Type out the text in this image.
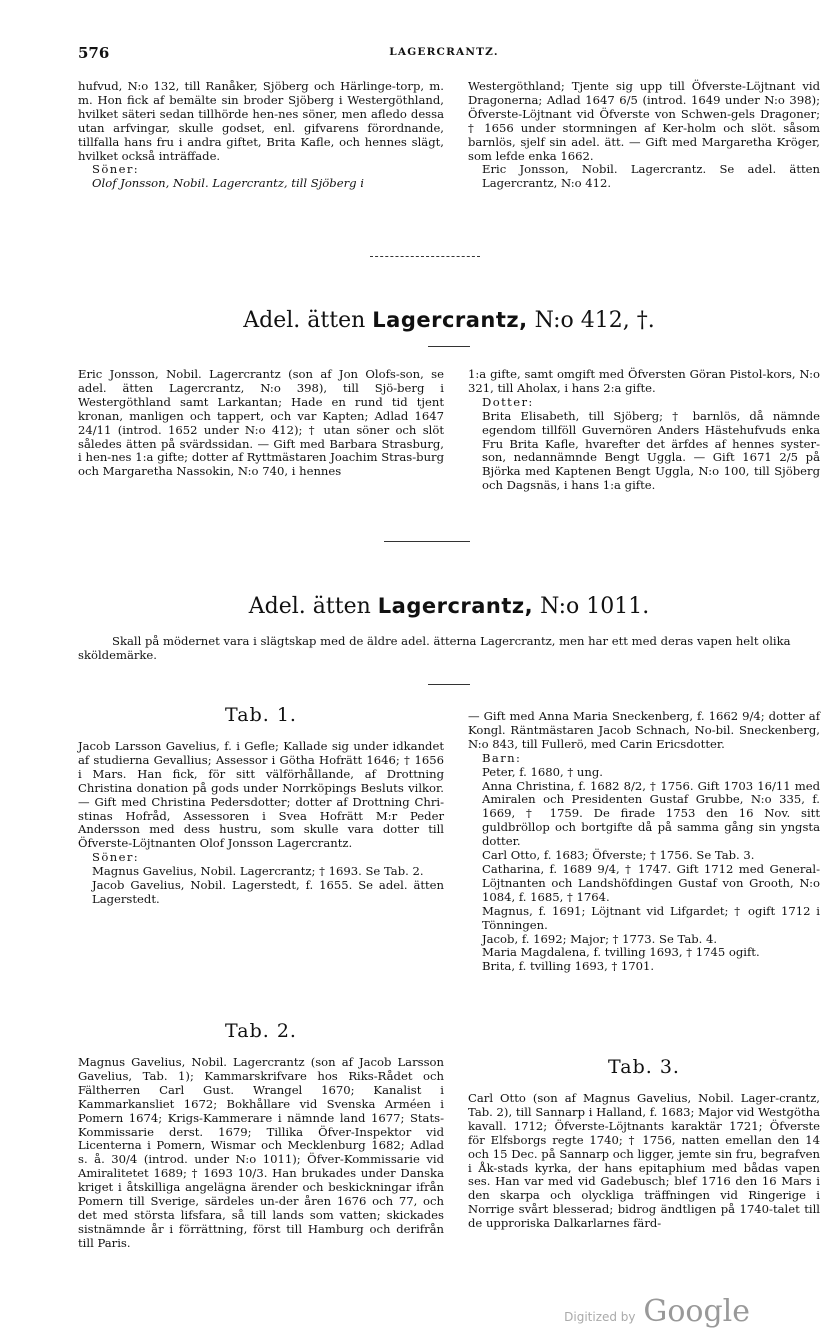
576	LAGERCRANTZ.

hufvud, N:o 132, till Ranåker, Sjöberg och Härlinge-torp, m. m. Hon fick af bemälte sin broder Sjöberg i Westergöthland, hvilket säteri sedan tillhörde hen-nes söner, men afledo dessa utan arfvingar, skulle godset, enl. gifvarens förordnande, tillfalla hans fru i andra giftet, Brita Kafle, och hennes slägt, hvilket också inträffade.

Söner:

Olof Jonsson, Nobil. Lagercrantz, till Sjöberg i

Westergöthland; Tjente sig upp till Öfverste-Löjtnant vid Dragonerna; Adlad 1647 6/5 (introd. 1649 under N:o 398); Öfverste-Löjtnant vid Öfverste von Schwen-gels Dragoner; † 1656 under stormningen af Ker-holm och slöt. såsom barnlös, sjelf sin adel. ätt. — Gift med Margaretha Kröger, som lefde enka 1662.

Eric Jonsson, Nobil. Lagercrantz. Se adel. ätten Lagercrantz, N:o 412.

Adel. ätten Lagercrantz, N:o 412, †.

Eric Jonsson, Nobil. Lagercrantz (son af Jon Olofs-son, se adel. ätten Lagercrantz, N:o 398), till Sjö-berg i Westergöthland samt Larkantan; Hade en rund tid tjent kronan, manligen och tappert, och var Kapten; Adlad 1647 24/11 (introd. 1652 under N:o 412); † utan söner och slöt således ätten på svärdssidan. — Gift med Barbara Strasburg, i hen-nes 1:a gifte; dotter af Ryttmästaren Joachim Stras-burg och Margaretha Nassokin, N:o 740, i hennes

1:a gifte, samt omgift med Öfversten Göran Pistol-kors, N:o 321, till Aholax, i hans 2:a gifte.

Dotter:

Brita Elisabeth, till Sjöberg; † barnlös, då nämnde egendom tillföll Guvernören Anders Hästehufvuds enka Fru Brita Kafle, hvarefter det ärfdes af hennes syster-son, nedannämnde Bengt Uggla. — Gift 1671 2/5 på Björka med Kaptenen Bengt Uggla, N:o 100, till Sjöberg och Dagsnäs, i hans 1:a gifte.

Adel. ätten Lagercrantz, N:o 1011.

Skall på mödernet vara i slägtskap med de äldre adel. ätterna Lagercrantz, men har ett med deras vapen helt olika sköldemärke.

Tab. 1.

Jacob Larsson Gavelius, f. i Gefle; Kallade sig under idkandet af studierna Gevallius; Assessor i Götha Hofrätt 1646; † 1656 i Mars. Han fick, för sitt välförhållande, af Drottning Christina donation på gods under Norrköpings Besluts vilkor. — Gift med Christina Pedersdotter; dotter af Drottning Chri-stinas Hofråd, Assessoren i Svea Hofrätt M:r Peder Andersson med dess hustru, som skulle vara dotter till Öfverste-Löjtnanten Olof Jonsson Lagercrantz.

Söner:

Magnus Gavelius, Nobil. Lagercrantz; † 1693. Se Tab. 2.

Jacob Gavelius, Nobil. Lagerstedt, f. 1655. Se adel. ätten Lagerstedt.

Tab. 2.

Magnus Gavelius, Nobil. Lagercrantz (son af Jacob Larsson Gavelius, Tab. 1); Kammarskrifvare hos Riks-Rådet och Fältherren Carl Gust. Wrangel 1670; Kanalist i Kammarkansliet 1672; Bokhållare vid Svenska Arméen i Pomern 1674; Krigs-Kammerare i nämnde land 1677; Stats-Kommissarie derst. 1679; Tillika Öfver-Inspektor vid Licenterna i Pomern, Wismar och Mecklenburg 1682; Adlad s. å. 30/4 (introd. under N:o 1011); Öfver-Kommissarie vid Amiralitetet 1689; † 1693 10/3. Han brukades under Danska kriget i åtskilliga angelägna ärender och beskickningar ifrån Pomern till Sverige, särdeles un-der åren 1676 och 77, och det med största lifsfara, så till lands som vatten; skickades sistnämnde år i förrättning, först till Hamburg och derifrån till Paris.

— Gift med Anna Maria Sneckenberg, f. 1662 9/4; dotter af Kongl. Räntmästaren Jacob Schnach, No-bil. Sneckenberg, N:o 843, till Fullerö, med Carin Ericsdotter.

Barn:

Peter, f. 1680, † ung.

Anna Christina, f. 1682 8/2, † 1756. Gift 1703 16/11 med Amiralen och Presidenten Gustaf Grubbe, N:o 335, f. 1669, † 1759. De firade 1753 den 16 Nov. sitt guldbröllop och bortgifte då på samma gång sin yngsta dotter.

Carl Otto, f. 1683; Öfverste; † 1756. Se Tab. 3.

Catharina, f. 1689 9/4, † 1747. Gift 1712 med General-Löjtnanten och Landshöfdingen Gustaf von Grooth, N:o 1084, f. 1685, † 1764.

Magnus, f. 1691; Löjtnant vid Lifgardet; † ogift 1712 i Tönningen.

Jacob, f. 1692; Major; † 1773. Se Tab. 4.

Maria Magdalena, f. tvilling 1693, † 1745 ogift.

Brita, f. tvilling 1693, † 1701.

Tab. 3.

Carl Otto (son af Magnus Gavelius, Nobil. Lager-crantz, Tab. 2), till Sannarp i Halland, f. 1683; Major vid Westgötha kavall. 1712; Öfverste-Löjtnants karaktär 1721; Öfverste för Elfsborgs regte 1740; † 1756, natten emellan den 14 och 15 Dec. på Sannarp och ligger, jemte sin fru, begrafven i Åk-stads kyrka, der hans epitaphium med bådas vapen ses. Han var med vid Gadebusch; blef 1716 den 16 Mars i den skarpa och olyckliga träffningen vid Ringerige i Norrige svårt blesserad; bidrog ändtligen på 1740-talet till de upproriska Dalkarlarnes färd-

Digitized by Google
